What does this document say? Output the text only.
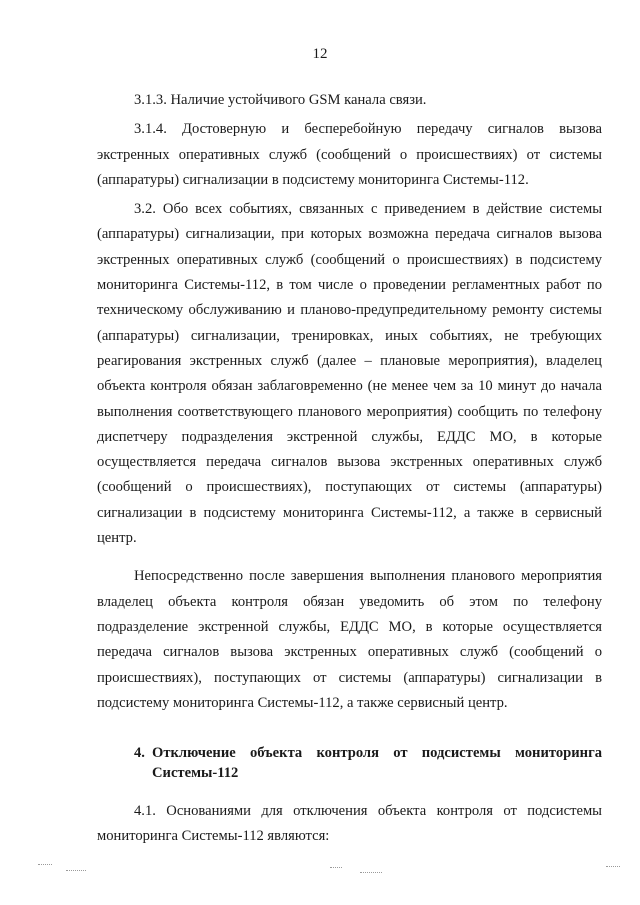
12

3.1.3. Наличие устойчивого GSM канала связи.

3.1.4. Достоверную и бесперебойную передачу сигналов вызова экстренных оперативных служб (сообщений о происшествиях) от системы (аппаратуры) сигнализации в подсистему мониторинга Системы-112.

3.2. Обо всех событиях, связанных с приведением в действие системы (аппаратуры) сигнализации, при которых возможна передача сигналов вызова экстренных оперативных служб (сообщений о происшествиях) в подсистему мониторинга Системы-112, в том числе о проведении регламентных работ по техническому обслуживанию и планово-предупредительному ремонту системы (аппаратуры) сигнализации, тренировках, иных событиях, не требующих реагирования экстренных служб (далее – плановые мероприятия), владелец объекта контроля обязан заблаговременно (не менее чем за 10 минут до начала выполнения соответствующего планового мероприятия) сообщить по телефону диспетчеру подразделения экстренной службы, ЕДДС МО, в которые осуществляется передача сигналов вызова экстренных оперативных служб (сообщений о происшествиях), поступающих от системы (аппаратуры) сигнализации в подсистему мониторинга Системы-112, а также в сервисный центр.

Непосредственно после завершения выполнения планового мероприятия владелец объекта контроля обязан уведомить об этом по телефону подразделение экстренной службы, ЕДДС МО, в которые осуществляется передача сигналов вызова экстренных оперативных служб (сообщений о происшествиях), поступающих от системы (аппаратуры) сигнализации в подсистему мониторинга Системы-112, а также сервисный центр.

4. Отключение объекта контроля от подсистемы мониторинга Системы-112

4.1. Основаниями для отключения объекта контроля от подсистемы мониторинга Системы-112 являются:
